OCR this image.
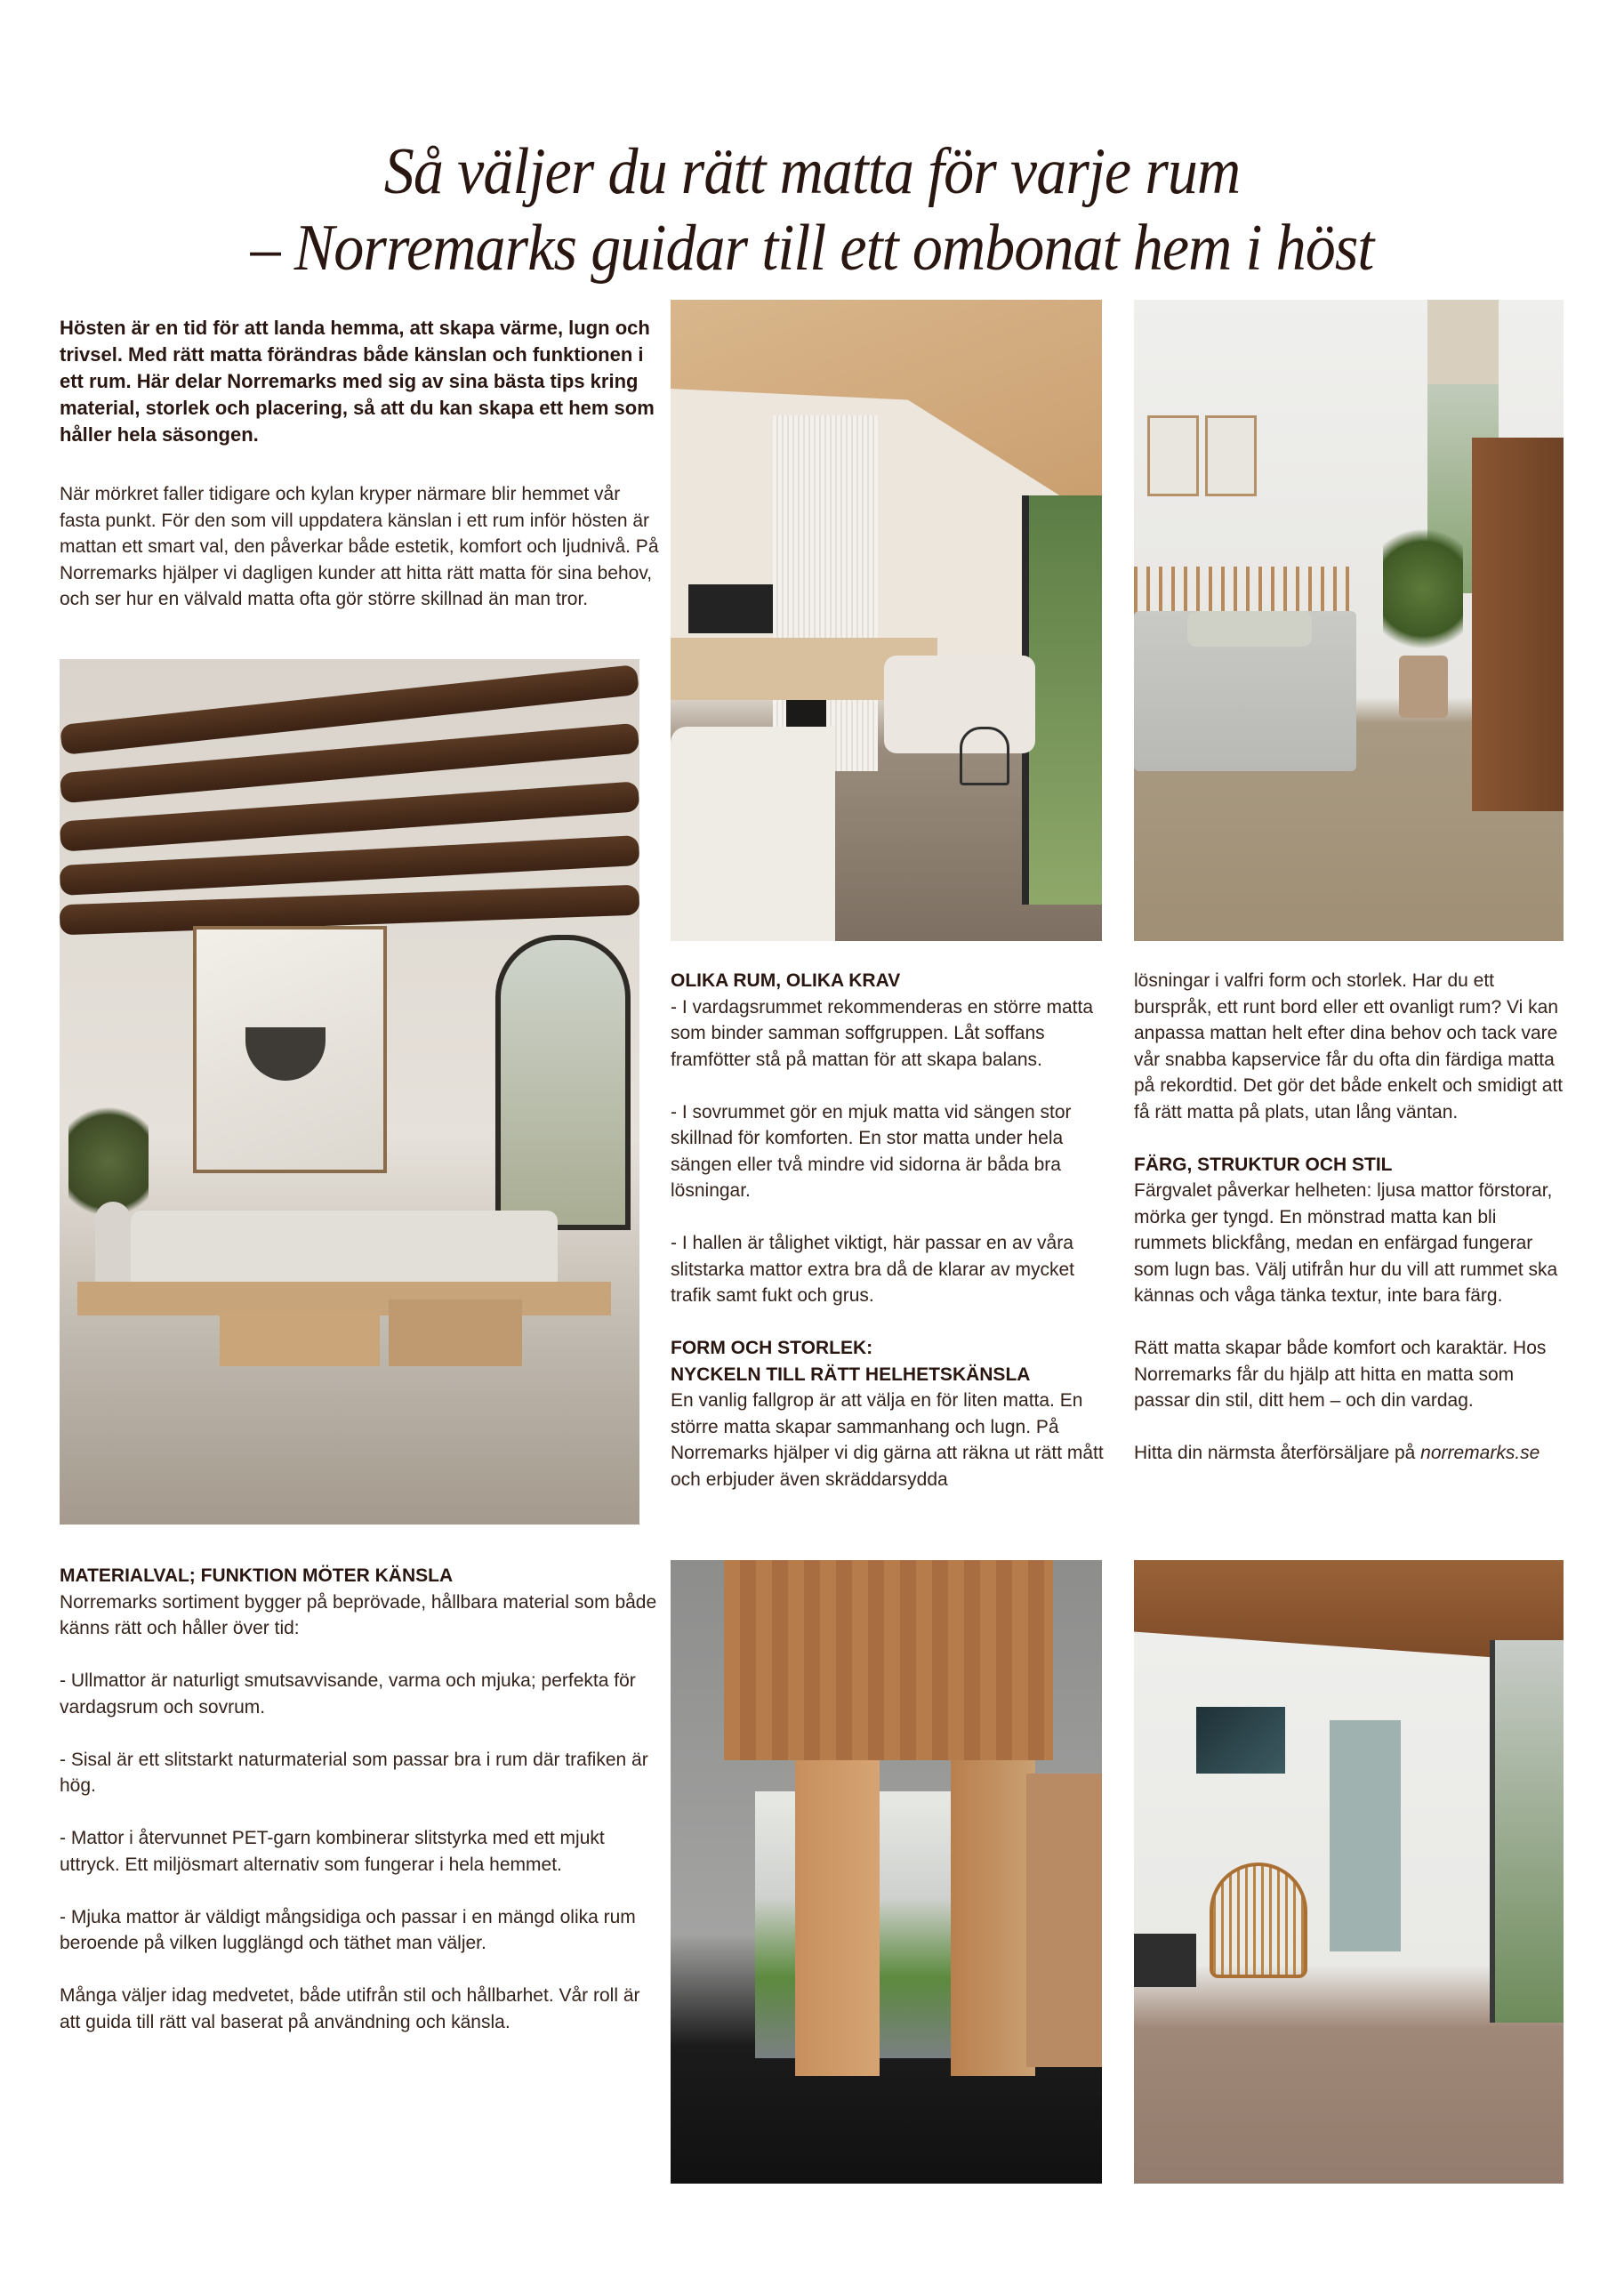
Så väljer du rätt matta för varje rum
– Norremarks guidar till ett ombonat hem i höst

Hösten är en tid för att landa hemma, att skapa värme, lugn och trivsel. Med rätt matta förändras både känslan och funktionen i ett rum. Här delar Norremarks med sig av sina bästa tips kring material, storlek och placering, så att du kan skapa ett hem som håller hela säsongen.

När mörkret faller tidigare och kylan kryper närmare blir hemmet vår fasta punkt. För den som vill uppdatera känslan i ett rum inför hösten är mattan ett smart val, den påverkar både estetik, komfort och ljudnivå. På Norremarks hjälper vi dagligen kunder att hitta rätt matta för sina behov, och ser hur en välvald matta ofta gör större skillnad än man tror.

OLIKA RUM, OLIKA KRAV

- I vardagsrummet rekommenderas en större matta som binder samman soffgruppen. Låt soffans framfötter stå på mattan för att skapa balans.

- I sovrummet gör en mjuk matta vid sängen stor skillnad för komforten. En stor matta under hela sängen eller två mindre vid sidorna är båda bra lösningar.

- I hallen är tålighet viktigt, här passar en av våra slitstarka mattor extra bra då de klarar av mycket trafik samt fukt och grus.

FORM OCH STORLEK:
NYCKELN TILL RÄTT HELHETSKÄNSLA

En vanlig fallgrop är att välja en för liten matta. En större matta skapar sammanhang och lugn. På Norremarks hjälper vi dig gärna att räkna ut rätt mått och erbjuder även skräddarsydda

lösningar i valfri form och storlek. Har du ett burspråk, ett runt bord eller ett ovanligt rum? Vi kan anpassa mattan helt efter dina behov och tack vare vår snabba kapservice får du ofta din färdiga matta på rekordtid. Det gör det både enkelt och smidigt att få rätt matta på plats, utan lång väntan.

FÄRG, STRUKTUR OCH STIL

Färgvalet påverkar helheten: ljusa mattor förstorar, mörka ger tyngd. En mönstrad matta kan bli rummets blickfång, medan en enfärgad fungerar som lugn bas. Välj utifrån hur du vill att rummet ska kännas och våga tänka textur, inte bara färg.

Rätt matta skapar både komfort och karaktär. Hos Norremarks får du hjälp att hitta en matta som passar din stil, ditt hem – och din vardag.

Hitta din närmsta återförsäljare på norremarks.se

MATERIALVAL; FUNKTION MÖTER KÄNSLA

Norremarks sortiment bygger på beprövade, hållbara material som både känns rätt och håller över tid:

- Ullmattor är naturligt smutsavvisande, varma och mjuka; perfekta för vardagsrum och sovrum.

- Sisal är ett slitstarkt naturmaterial som passar bra i rum där trafiken är hög.

- Mattor i återvunnet PET-garn kombinerar slitstyrka med ett mjukt uttryck. Ett miljösmart alternativ som fungerar i hela hemmet.

- Mjuka mattor är väldigt mångsidiga och passar i en mängd olika rum beroende på vilken lugglängd och täthet man väljer.

Många väljer idag medvetet, både utifrån stil och hållbarhet. Vår roll är att guida till rätt val baserat på användning och känsla.
